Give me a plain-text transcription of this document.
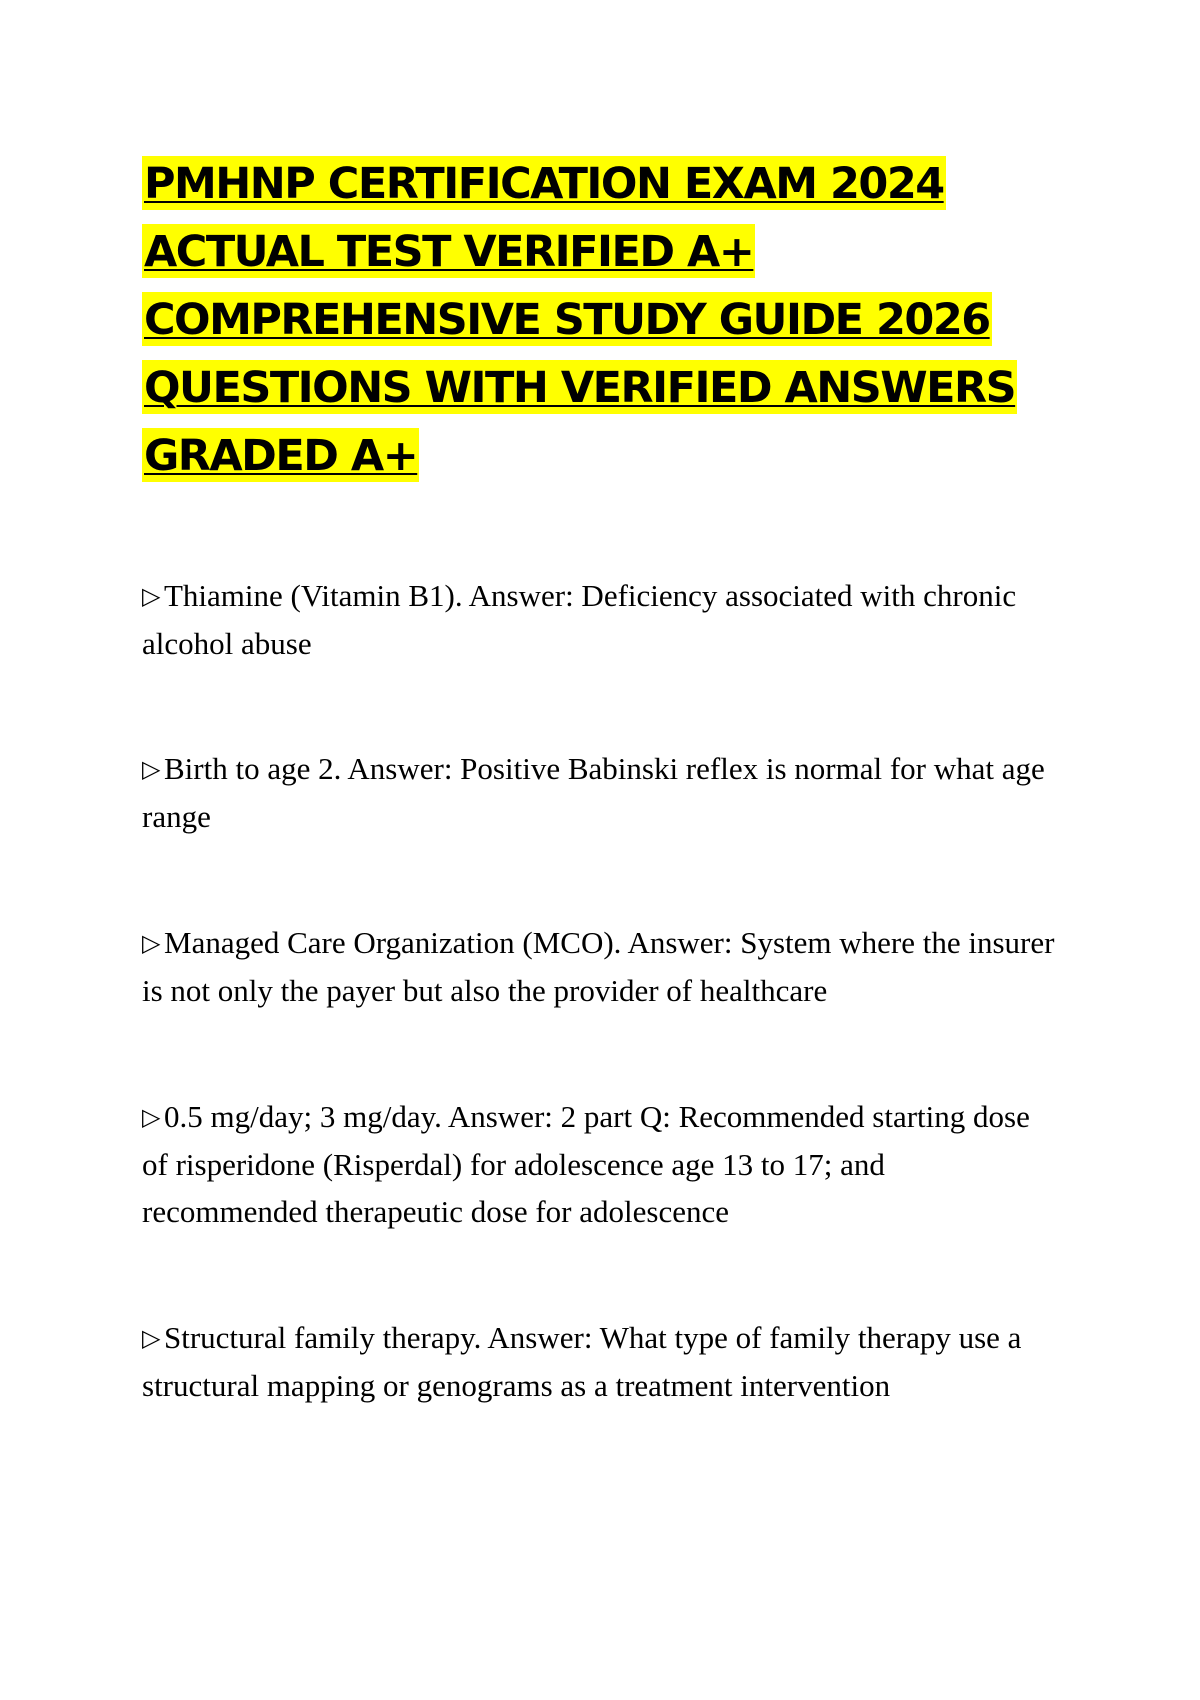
PMHNP CERTIFICATION EXAM 2024
ACTUAL TEST VERIFIED A+
COMPREHENSIVE STUDY GUIDE 2026
QUESTIONS WITH VERIFIED ANSWERS
GRADED A+

▷ Thiamine (Vitamin B1). Answer: Deficiency associated with chronic alcohol abuse

▷ Birth to age 2. Answer: Positive Babinski reflex is normal for what age range

▷ Managed Care Organization (MCO). Answer: System where the insurer is not only the payer but also the provider of healthcare

▷ 0.5 mg/day; 3 mg/day. Answer: 2 part Q: Recommended starting dose of risperidone (Risperdal) for adolescence age 13 to 17; and recommended therapeutic dose for adolescence

▷ Structural family therapy. Answer: What type of family therapy use a structural mapping or genograms as a treatment intervention
